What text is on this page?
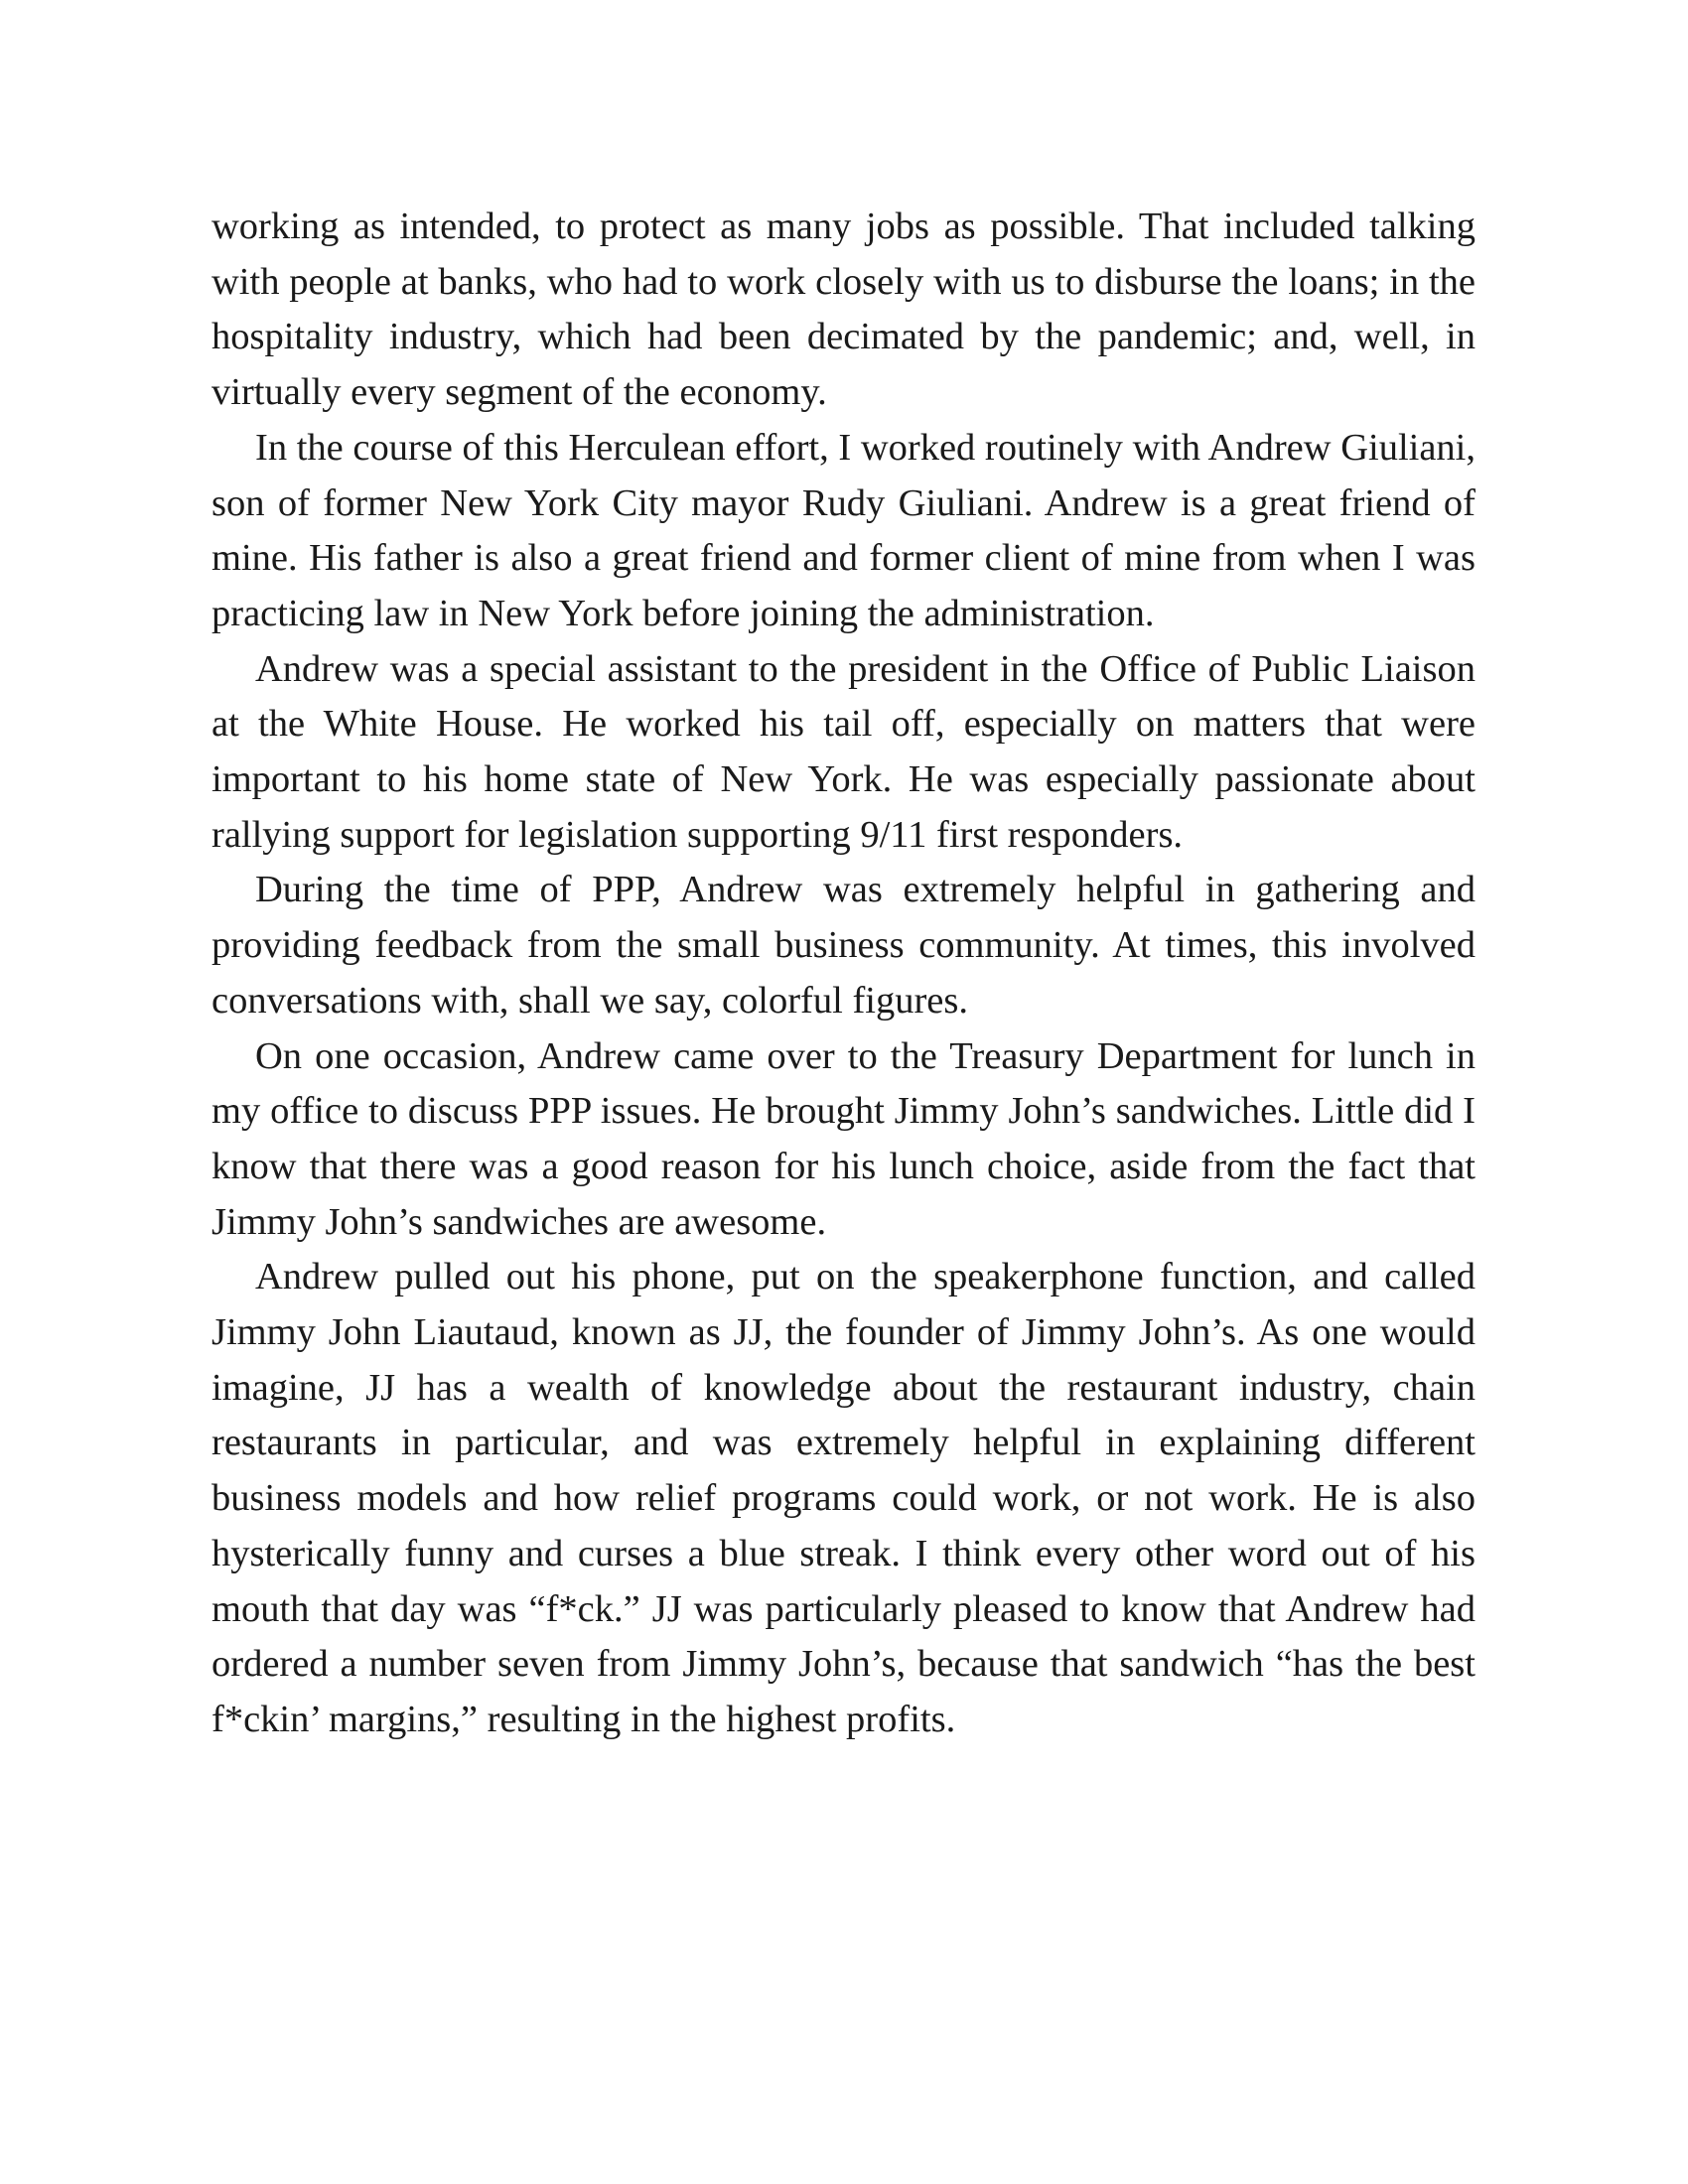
working as intended, to protect as many jobs as possible. That included talking with people at banks, who had to work closely with us to disburse the loans; in the hospitality industry, which had been decimated by the pandemic; and, well, in virtually every segment of the economy.

In the course of this Herculean effort, I worked routinely with Andrew Giuliani, son of former New York City mayor Rudy Giuliani. Andrew is a great friend of mine. His father is also a great friend and former client of mine from when I was practicing law in New York before joining the administration.

Andrew was a special assistant to the president in the Office of Public Liaison at the White House. He worked his tail off, especially on matters that were important to his home state of New York. He was especially passionate about rallying support for legislation supporting 9/11 first responders.

During the time of PPP, Andrew was extremely helpful in gathering and providing feedback from the small business community. At times, this involved conversations with, shall we say, colorful figures.

On one occasion, Andrew came over to the Treasury Department for lunch in my office to discuss PPP issues. He brought Jimmy John’s sandwiches. Little did I know that there was a good reason for his lunch choice, aside from the fact that Jimmy John’s sandwiches are awesome.

Andrew pulled out his phone, put on the speakerphone function, and called Jimmy John Liautaud, known as JJ, the founder of Jimmy John’s. As one would imagine, JJ has a wealth of knowledge about the restaurant industry, chain restaurants in particular, and was extremely helpful in explaining different business models and how relief programs could work, or not work. He is also hysterically funny and curses a blue streak. I think every other word out of his mouth that day was “f*ck.” JJ was particularly pleased to know that Andrew had ordered a number seven from Jimmy John’s, because that sandwich “has the best f*ckin’ margins,” resulting in the highest profits.
